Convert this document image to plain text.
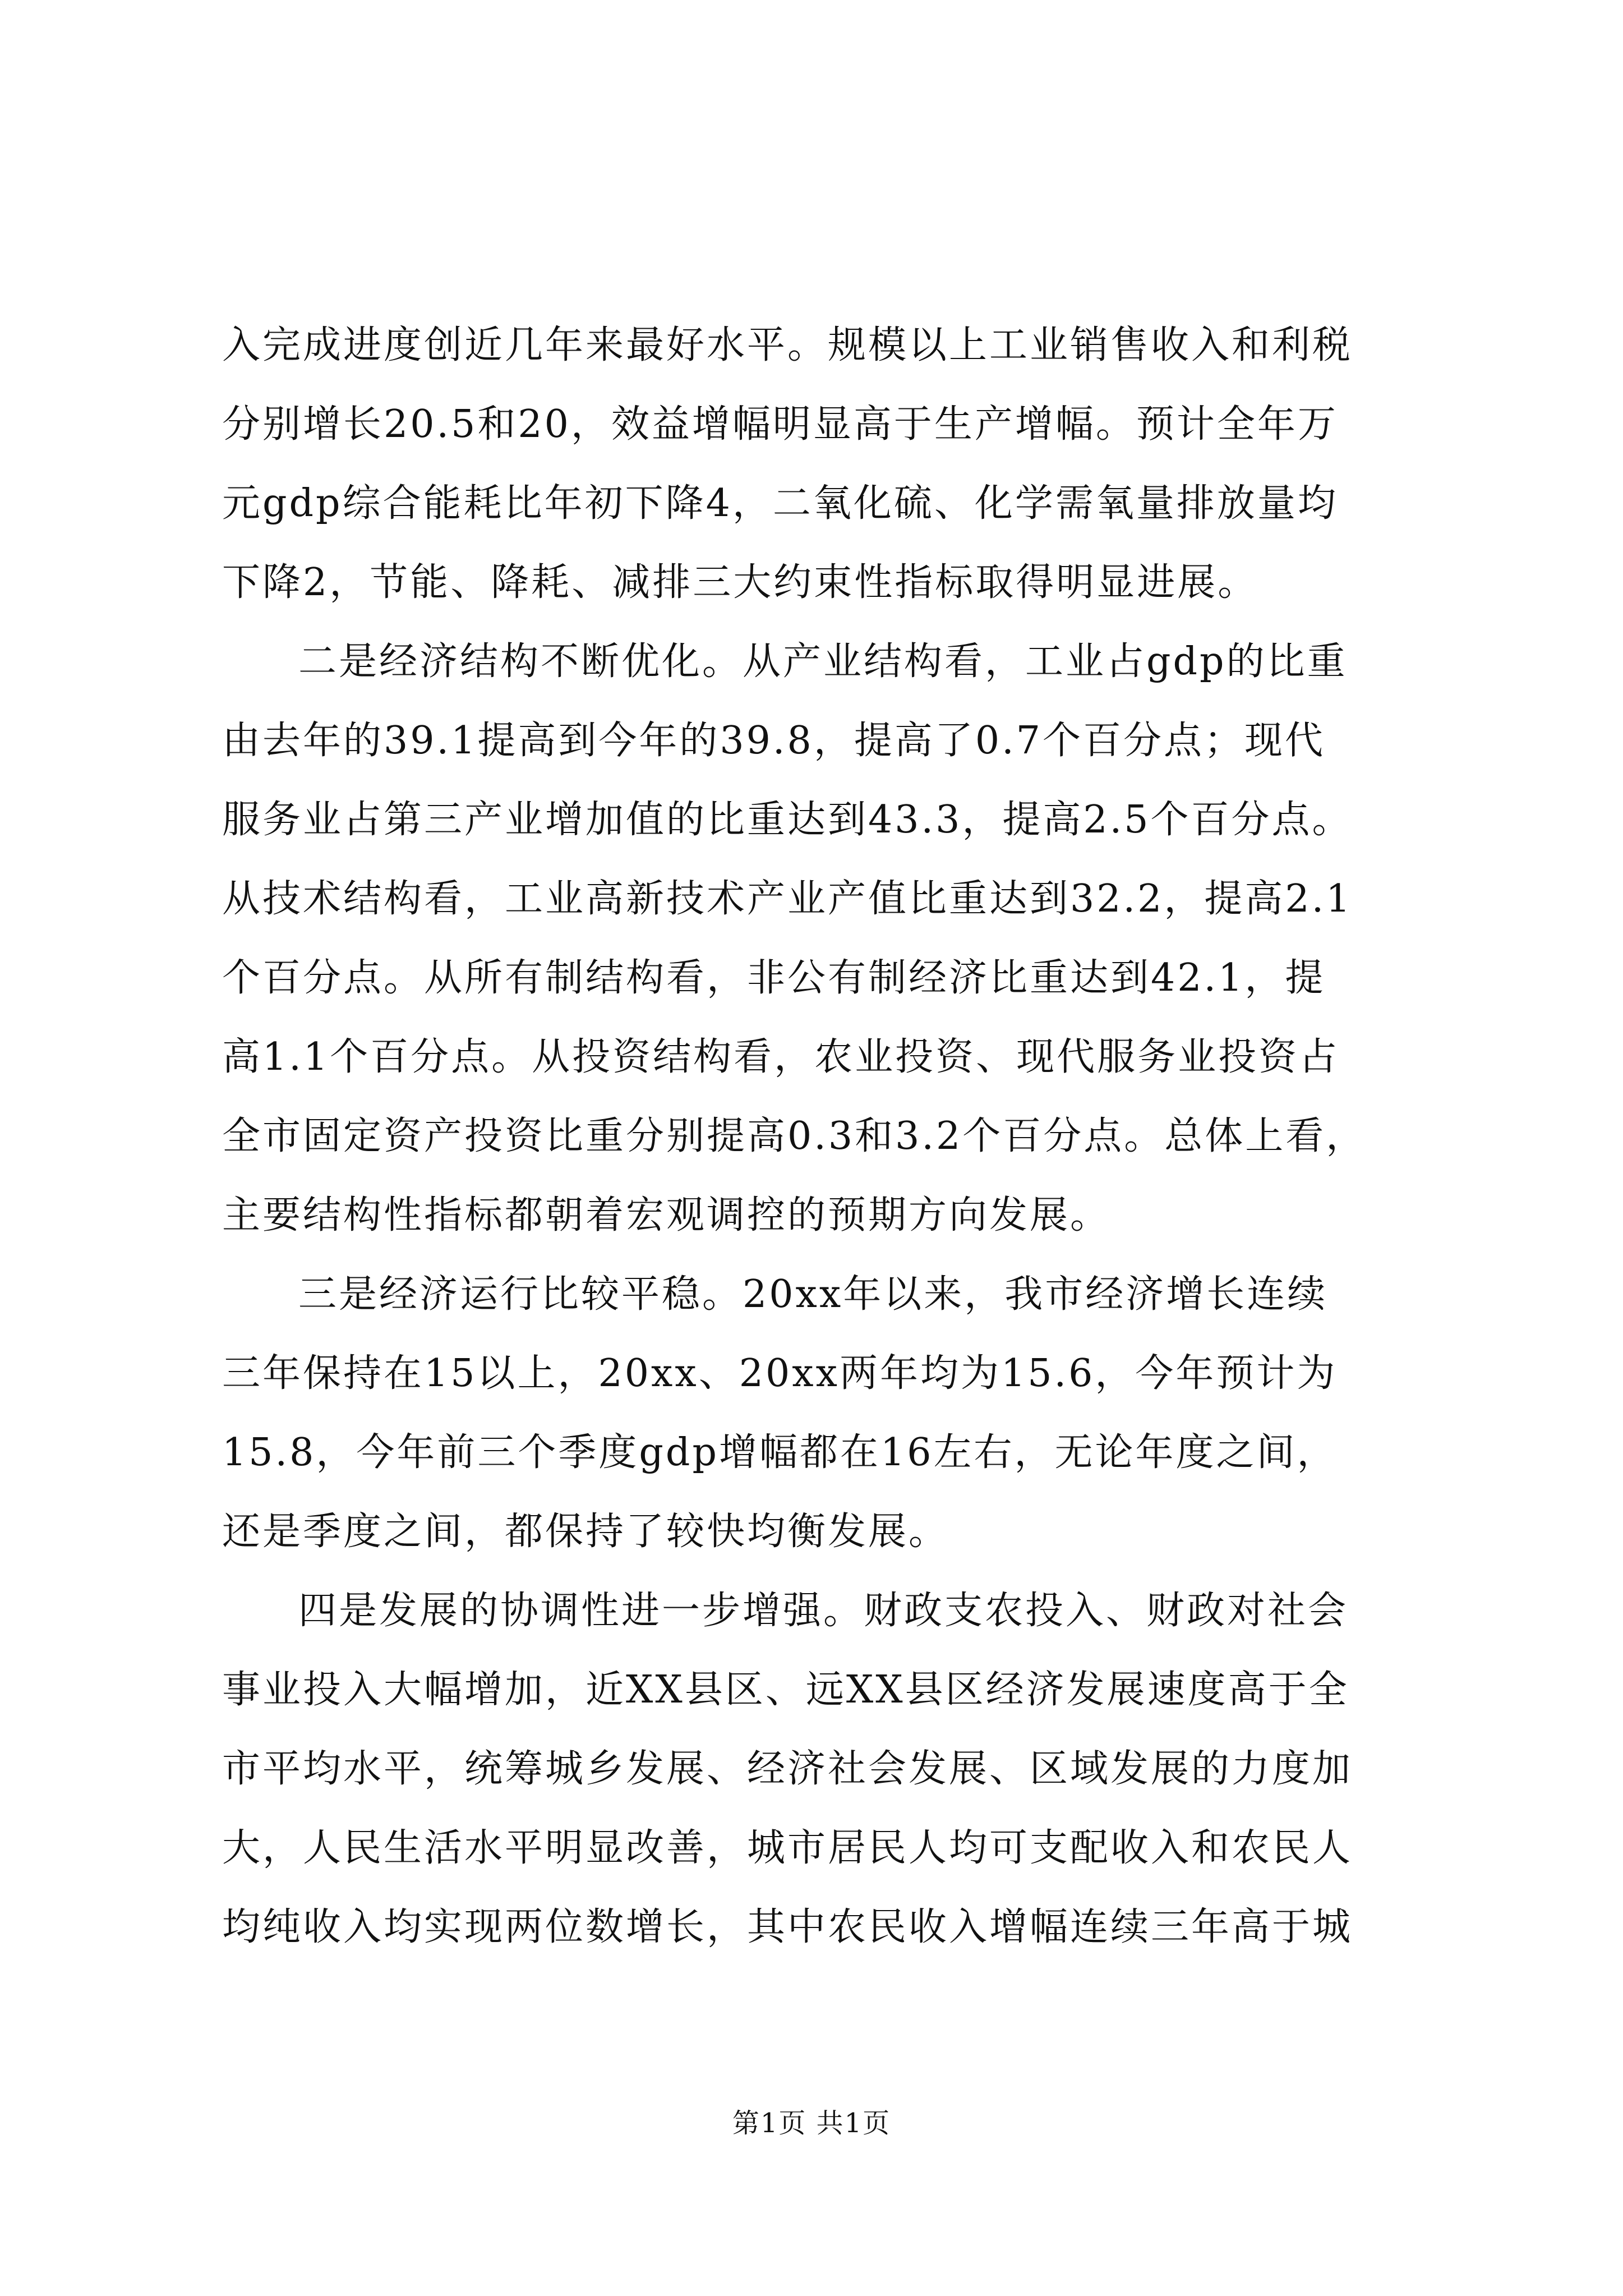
入完成进度创近几年来最好水平。规模以上工业销售收入和利税
分别增长20.5和20，效益增幅明显高于生产增幅。预计全年万
元gdp综合能耗比年初下降4，二氧化硫、化学需氧量排放量均
下降2，节能、降耗、减排三大约束性指标取得明显进展。
二是经济结构不断优化。从产业结构看，工业占gdp的比重
由去年的39.1提高到今年的39.8，提高了0.7个百分点；现代
服务业占第三产业增加值的比重达到43.3，提高2.5个百分点。
从技术结构看，工业高新技术产业产值比重达到32.2，提高2.1
个百分点。从所有制结构看，非公有制经济比重达到42.1，提
高1.1个百分点。从投资结构看，农业投资、现代服务业投资占
全市固定资产投资比重分别提高0.3和3.2个百分点。总体上看，
主要结构性指标都朝着宏观调控的预期方向发展。
三是经济运行比较平稳。20xx年以来，我市经济增长连续
三年保持在15以上，20xx、20xx两年均为15.6，今年预计为
15.8，今年前三个季度gdp增幅都在16左右，无论年度之间，
还是季度之间，都保持了较快均衡发展。
四是发展的协调性进一步增强。财政支农投入、财政对社会
事业投入大幅增加，近XX县区、远XX县区经济发展速度高于全
市平均水平，统筹城乡发展、经济社会发展、区域发展的力度加
大，人民生活水平明显改善，城市居民人均可支配收入和农民人
均纯收入均实现两位数增长，其中农民收入增幅连续三年高于城
第1页 共1页
